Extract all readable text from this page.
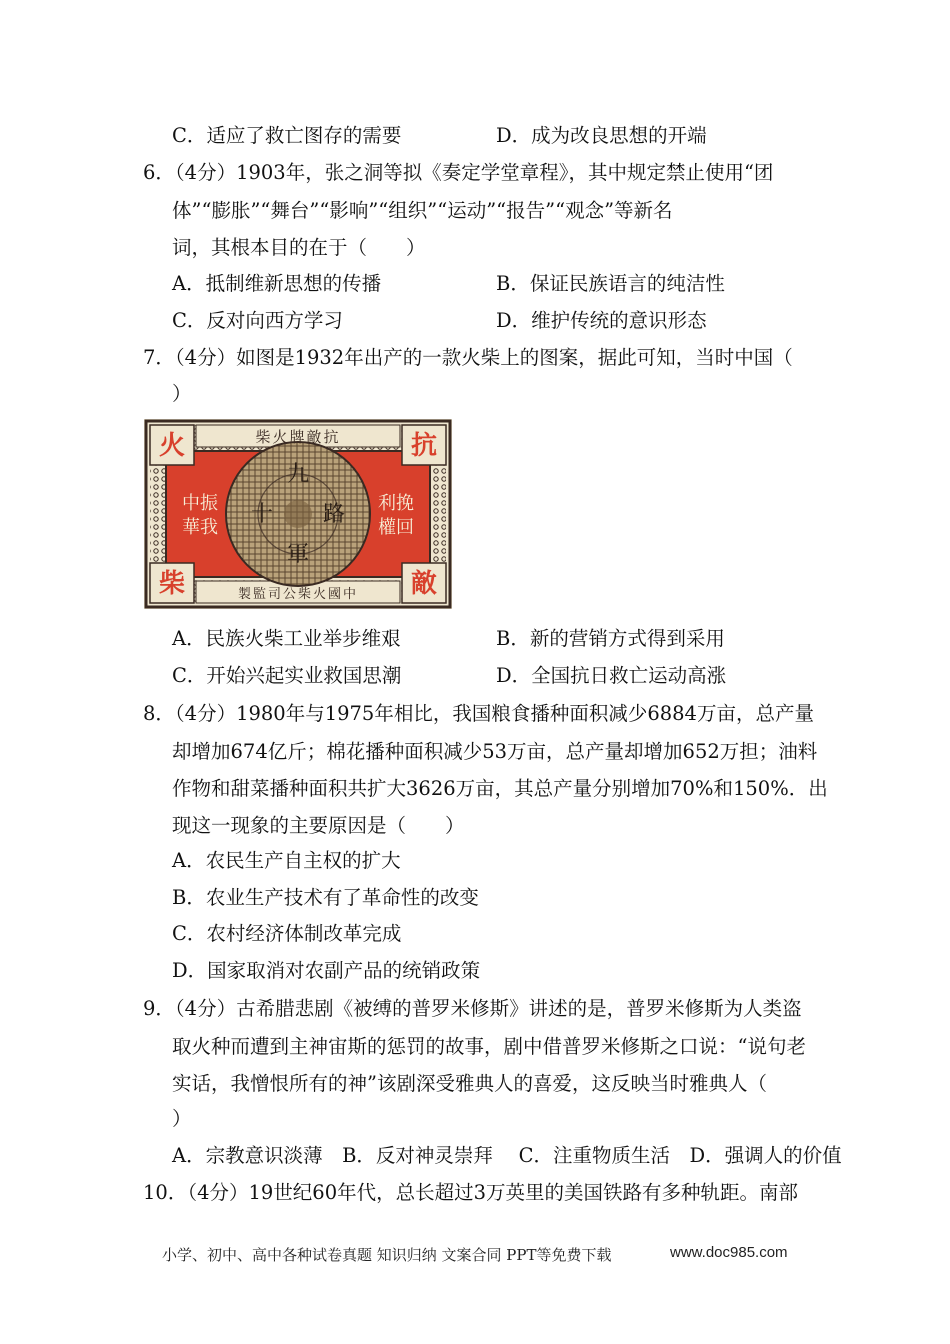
C．适应了救亡图存的需要	D．成为改良思想的开端
6．（4分）1903年，张之洞等拟《奏定学堂章程》，其中规定禁止使用“团
体”“膨胀”“舞台”“影响”“组织”“运动”“报告”“观念”等新名
词，其根本目的在于（　　）
A．抵制维新思想的传播	B．保证民族语言的纯洁性
C．反对向西方学习	D．维护传统的意识形态
7．（4分）如图是1932年出产的一款火柴上的图案，据此可知，当时中国（
）
柴火牌敵抗
製監司公柴火國中
火	抗
柴	敵
中振
華我
利挽
權回
九
路
十
軍
A．民族火柴工业举步维艰	B．新的营销方式得到采用
C．开始兴起实业救国思潮	D．全国抗日救亡运动高涨
8．（4分）1980年与1975年相比，我国粮食播种面积减少6884万亩，总产量
却增加674亿斤；棉花播种面积减少53万亩，总产量却增加652万担；油料
作物和甜菜播种面积共扩大3626万亩，其总产量分别增加70%和150%．出
现这一现象的主要原因是（　　）
A．农民生产自主权的扩大
B．农业生产技术有了革命性的改变
C．农村经济体制改革完成
D．国家取消对农副产品的统销政策
9．（4分）古希腊悲剧《被缚的普罗米修斯》讲述的是，普罗米修斯为人类盗
取火种而遭到主神宙斯的惩罚的故事，剧中借普罗米修斯之口说：“说句老
实话，我憎恨所有的神”该剧深受雅典人的喜爱，这反映当时雅典人（
）
A．宗教意识淡薄　B．反对神灵崇拜　 C．注重物质生活　D．强调人的价值
10．（4分）19世纪60年代，总长超过3万英里的美国铁路有多种轨距。南部
小学、初中、高中各种试卷真题 知识归纳 文案合同 PPT等免费下载	www.doc985.com
